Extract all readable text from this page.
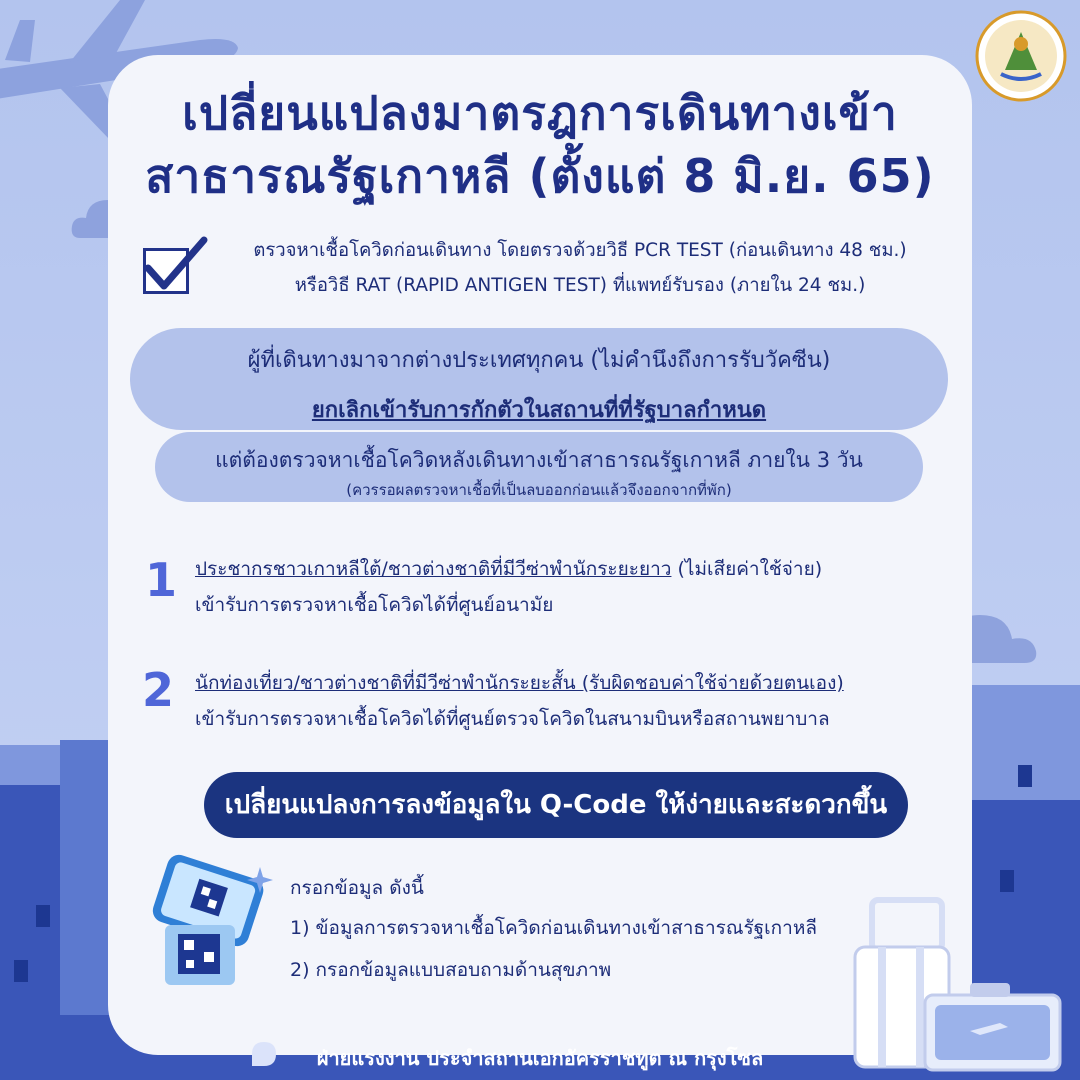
เปลี่ยนแปลงมาตรฎการเดินทางเข้า
สาธารณรัฐเกาหลี (ตั้งแต่ 8 มิ.ย. 65)
ตรวจหาเชื้อโควิดก่อนเดินทาง โดยตรวจด้วยวิธี PCR TEST (ก่อนเดินทาง 48 ชม.)
หรือวิธี RAT (RAPID ANTIGEN TEST) ที่แพทย์รับรอง (ภายใน 24 ชม.)
ผู้ที่เดินทางมาจากต่างประเทศทุกคน (ไม่คำนึงถึงการรับวัคซีน)
ยกเลิกเข้ารับการกักตัวในสถานที่ที่รัฐบาลกำหนด
แต่ต้องตรวจหาเชื้อโควิดหลังเดินทางเข้าสาธารณรัฐเกาหลี ภายใน 3 วัน
(ควรรอผลตรวจหาเชื้อที่เป็นลบออกก่อนแล้วจึงออกจากที่พัก)
1 ประชากรชาวเกาหลีใต้/ชาวต่างชาติที่มีวีซ่าพำนักระยะยาว (ไม่เสียค่าใช้จ่าย)
เข้ารับการตรวจหาเชื้อโควิดได้ที่ศูนย์อนามัย
2 นักท่องเที่ยว/ชาวต่างชาติที่มีวีซ่าพำนักระยะสั้น (รับผิดชอบค่าใช้จ่ายด้วยตนเอง)
เข้ารับการตรวจหาเชื้อโควิดได้ที่ศูนย์ตรวจโควิดในสนามบินหรือสถานพยาบาล
เปลี่ยนแปลงการลงข้อมูลใน Q-Code ให้ง่ายและสะดวกขึ้น
กรอกข้อมูล ดังนี้
1) ข้อมูลการตรวจหาเชื้อโควิดก่อนเดินทางเข้าสาธารณรัฐเกาหลี
2) กรอกข้อมูลแบบสอบถามด้านสุขภาพ
ฝ่ายแรงงาน ประจำสถานเอกอัครราชทูต ณ กรุงโซล
